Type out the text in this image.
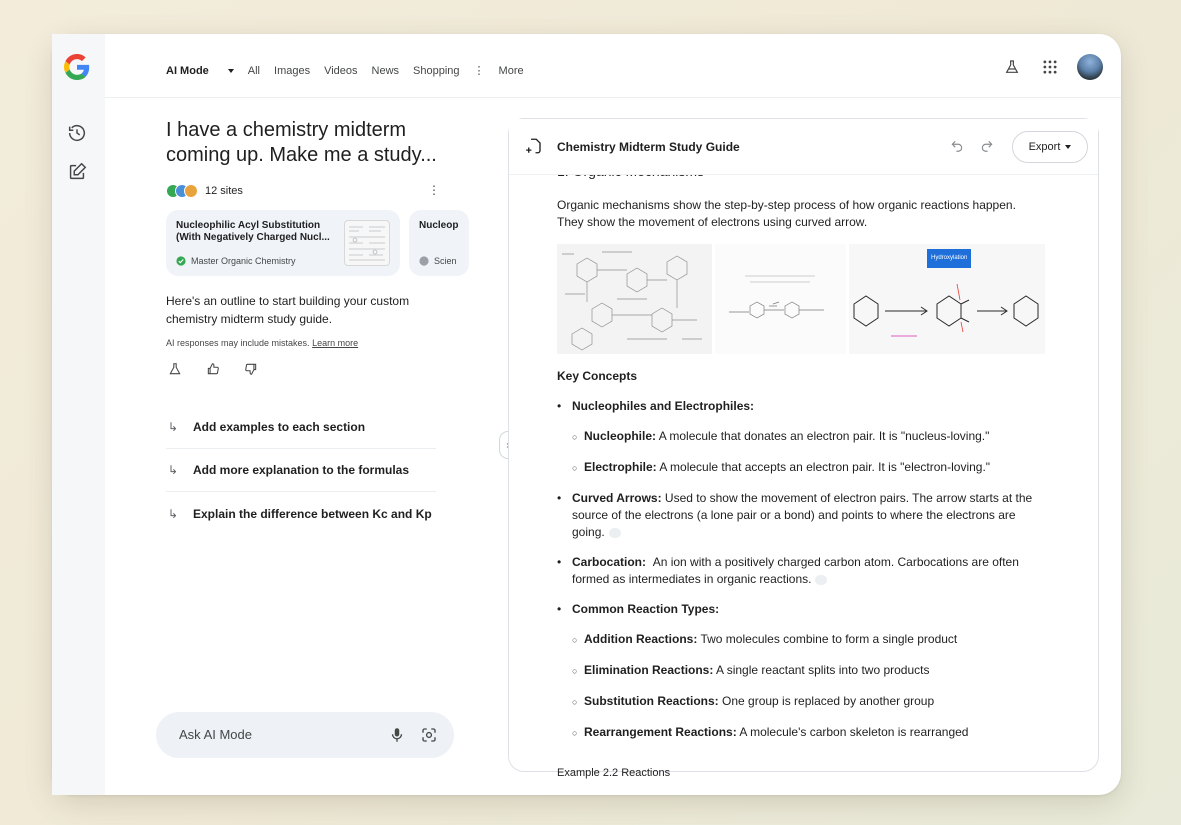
AI Mode	All Images Videos News Shopping ⋮ More
I have a chemistry midterm coming up. Make me a study...
12 sites	⋮
Nucleophilic Acyl Substitution (With Negatively Charged Nucl...
Master Organic Chemistry
Nucleop
Scien
Here's an outline to start building your custom chemistry midterm study guide.
AI responses may include mistakes. Learn more
↳	Add examples to each section
↳	Add more explanation to the formulas
↳	Explain the difference between Kc and Kp
Ask AI Mode
Chemistry Midterm Study Guide	Export
Organic mechanisms show the step-by-step process of how organic reactions happen. They show the movement of electrons using curved arrow.
Hydroxylation
Key Concepts
• Nucleophiles and Electrophiles:
○ Nucleophile: A molecule that donates an electron pair. It is "nucleus-loving."
○ Electrophile: A molecule that accepts an electron pair. It is "electron-loving."
• Curved Arrows: Used to show the movement of electron pairs. The arrow starts at the source of the electrons (a lone pair or a bond) and points to where the electrons are going.
• Carbocation: An ion with a positively charged carbon atom. Carbocations are often formed as intermediates in organic reactions.
• Common Reaction Types:
○ Addition Reactions: Two molecules combine to form a single product
○ Elimination Reactions: A single reactant splits into two products
○ Substitution Reactions: One group is replaced by another group
○ Rearrangement Reactions: A molecule's carbon skeleton is rearranged
Example 2.2 Reactions
